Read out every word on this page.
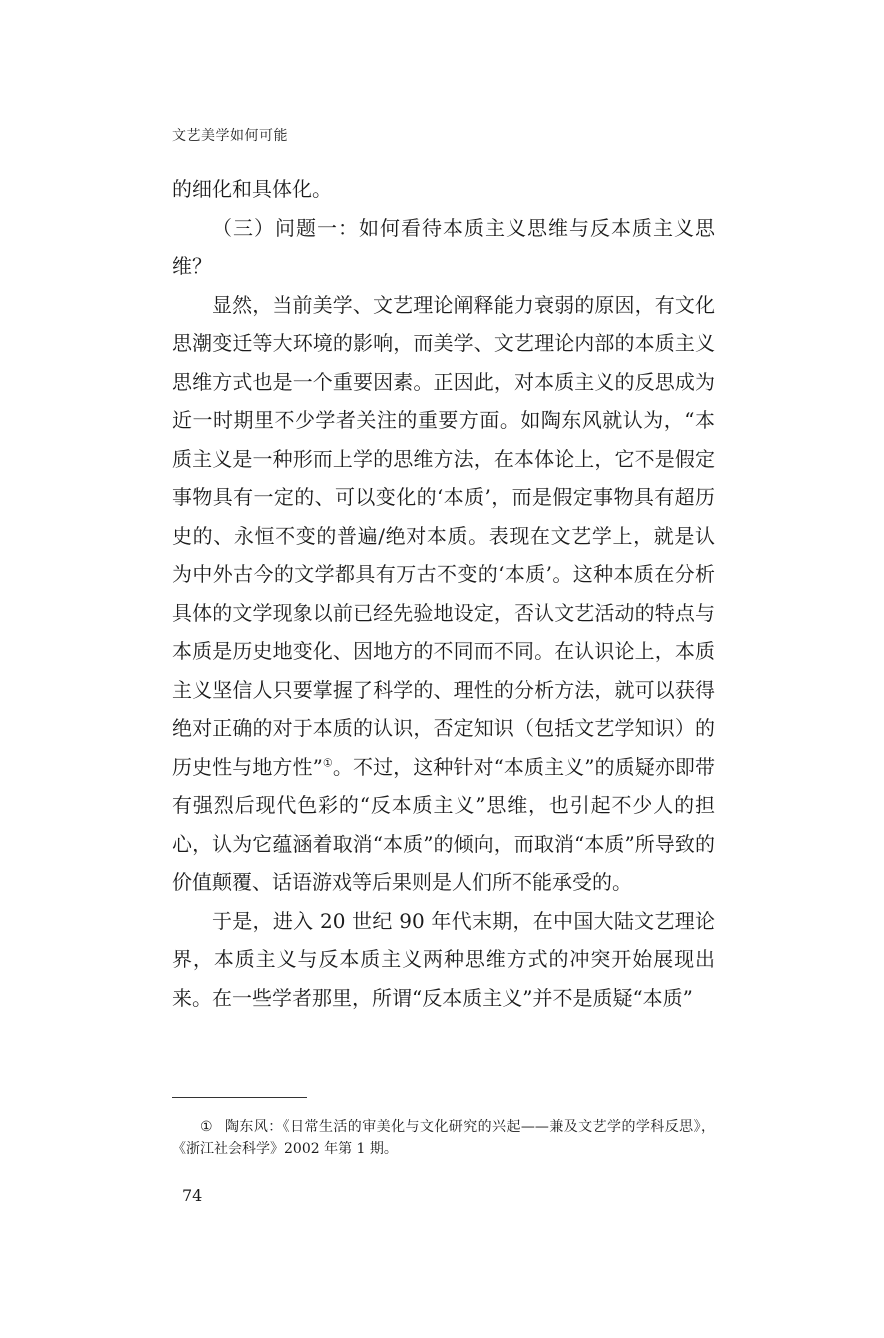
文艺美学如何可能

的细化和具体化。

（三）问题一：如何看待本质主义思维与反本质主义思维？

显然，当前美学、文艺理论阐释能力衰弱的原因，有文化思潮变迁等大环境的影响，而美学、文艺理论内部的本质主义思维方式也是一个重要因素。正因此，对本质主义的反思成为近一时期里不少学者关注的重要方面。如陶东风就认为，“本质主义是一种形而上学的思维方法，在本体论上，它不是假定事物具有一定的、可以变化的‘本质’，而是假定事物具有超历史的、永恒不变的普遍/绝对本质。表现在文艺学上，就是认为中外古今的文学都具有万古不变的‘本质’。这种本质在分析具体的文学现象以前已经先验地设定，否认文艺活动的特点与本质是历史地变化、因地方的不同而不同。在认识论上，本质主义坚信人只要掌握了科学的、理性的分析方法，就可以获得绝对正确的对于本质的认识，否定知识（包括文艺学知识）的历史性与地方性”①。不过，这种针对“本质主义”的质疑亦即带有强烈后现代色彩的“反本质主义”思维，也引起不少人的担心，认为它蕴涵着取消“本质”的倾向，而取消“本质”所导致的价值颠覆、话语游戏等后果则是人们所不能承受的。

于是，进入 20 世纪 90 年代末期，在中国大陆文艺理论界，本质主义与反本质主义两种思维方式的冲突开始展现出来。在一些学者那里，所谓“反本质主义”并不是质疑“本质”

① 陶东风：《日常生活的审美化与文化研究的兴起——兼及文艺学的学科反思》，《浙江社会科学》2002 年第 1 期。
74
